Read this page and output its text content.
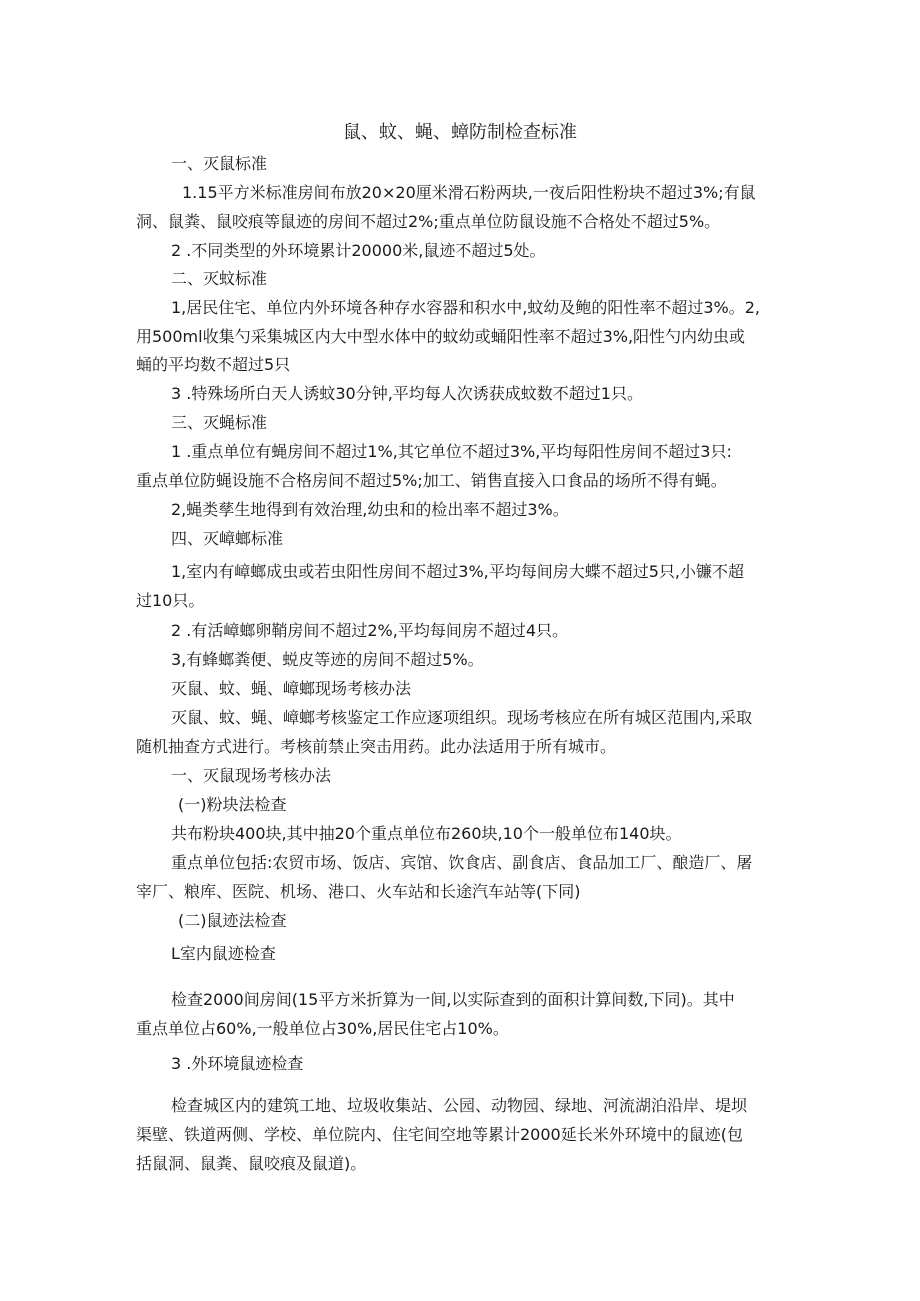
鼠、蚊、蝇、蟑防制检查标准
一、灭鼠标准
1.15平方米标准房间布放20×20厘米滑石粉两块,一夜后阳性粉块不超过3%;有鼠
洞、鼠粪、鼠咬痕等鼠迹的房间不超过2%;重点单位防鼠设施不合格处不超过5%。
2 .不同类型的外环境累计20000米,鼠迹不超过5处。
二、灭蚊标准
1,居民住宅、单位内外环境各种存水容器和积水中,蚊幼及鲍的阳性率不超过3%。2,
用500ml收集勺采集城区内大中型水体中的蚊幼或蛹阳性率不超过3%,阳性勺内幼虫或
蛹的平均数不超过5只
3 .特殊场所白天人诱蚊30分钟,平均每人次诱获成蚊数不超过1只。
三、灭蝇标准
1 .重点单位有蝇房间不超过1%,其它单位不超过3%,平均每阳性房间不超过3只:
重点单位防蝇设施不合格房间不超过5%;加工、销售直接入口食品的场所不得有蝇。
2,蝇类孳生地得到有效治理,幼虫和的检出率不超过3%。
四、灭嶂螂标准
1,室内有嶂螂成虫或若虫阳性房间不超过3%,平均每间房大蝶不超过5只,小镰不超
过10只。
2 .有活嶂螂卵鞘房间不超过2%,平均每间房不超过4只。
3,有蜂螂粪便、蜕皮等迹的房间不超过5%。
灭鼠、蚊、蝇、嶂螂现场考核办法
灭鼠、蚊、蝇、嶂螂考核鉴定工作应逐项组织。现场考核应在所有城区范围内,采取
随机抽查方式进行。考核前禁止突击用药。此办法适用于所有城市。
一、灭鼠现场考核办法
(一)粉块法检查
共布粉块400块,其中抽20个重点单位布260块,10个一般单位布140块。
重点单位包括:农贸市场、饭店、宾馆、饮食店、副食店、食品加工厂、酿造厂、屠
宰厂、粮库、医院、机场、港口、火车站和长途汽车站等(下同)
(二)鼠迹法检查
L室内鼠迹检查
检查2000间房间(15平方米折算为一间,以实际查到的面积计算间数,下同)。其中
重点单位占60%,一般单位占30%,居民住宅占10%。
3 .外环境鼠迹检查
检查城区内的建筑工地、垃圾收集站、公园、动物园、绿地、河流湖泊沿岸、堤坝
渠壁、铁道两侧、学校、单位院内、住宅间空地等累计2000延长米外环境中的鼠迹(包
括鼠洞、鼠粪、鼠咬痕及鼠道)。
